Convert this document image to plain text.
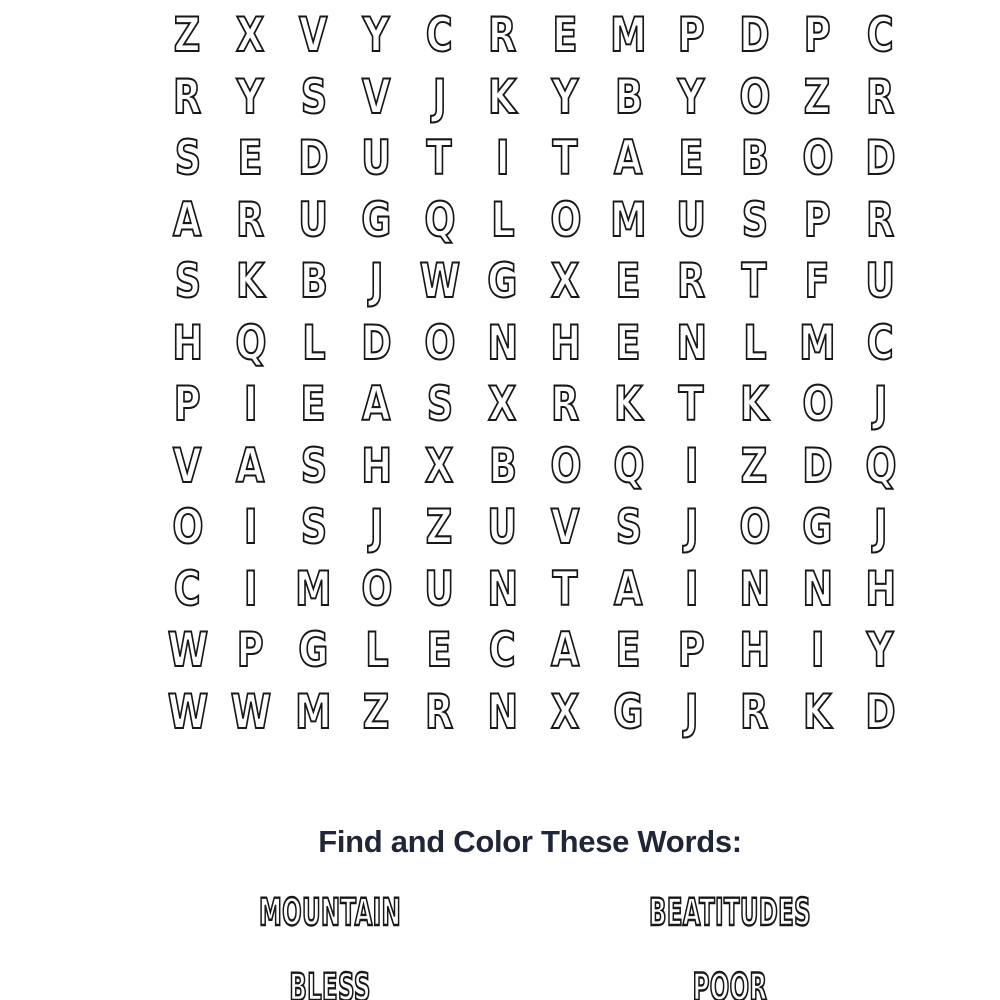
Z X V Y C R E M P D P C
R Y S V J K Y B Y O Z R
S E D U T I T A E B O D
A R U G Q L O M U S P R
S K B J W G X E R T F U
H Q L D O N H E N L M C
P I E A S X R K T K O J
V A S H X B O Q I Z D Q
O I S J Z U V S J O G J
C I M O U N T A I N N H
W P G L E C A E P H I Y
W W M Z R N X G J R K D
Find and Color These Words:
MOUNTAIN	BEATITUDES
BLESS	POOR
